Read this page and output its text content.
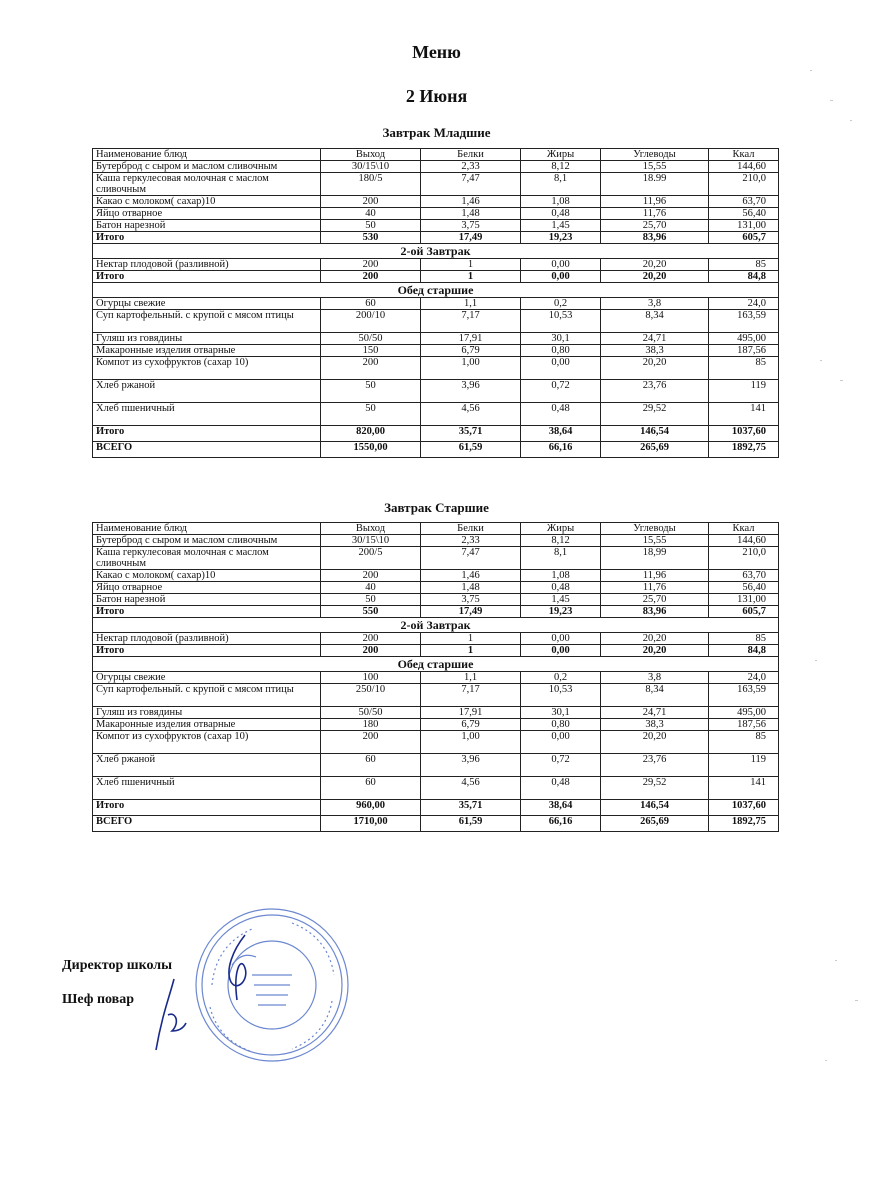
Меню
2 Июня
Завтрак Младшие
Наименование блюд	Выход	Белки	Жиры	Углеводы	Ккал
Бутерброд с сыром и маслом сливочным	30/15\10	2,33	8,12	15,55	144,60
Каша геркулесовая молочная с маслом сливочным	180/5	7,47	8,1	18.99	210,0
Какао с молоком( сахар)10	200	1,46	1,08	11,96	63,70
Яйцо отварное	40	1,48	0,48	11,76	56,40
Батон нарезной	50	3,75	1,45	25,70	131,00
Итого	530	17,49	19,23	83,96	605,7
2-ой Завтрак					
Нектар плодовой (разливной)	200	1	0,00	20,20	85
Итого	200	1	0,00	20,20	84,8
Обед старшие					
Огурцы свежие	60	1,1	0,2	3,8	24,0
Суп картофельный. с крупой с мясом птицы	200/10	7,17	10,53	8,34	163,59
Гуляш из говядины	50/50	17,91	30,1	24,71	495,00
Макаронные изделия отварные	150	6,79	0,80	38,3	187,56
Компот из сухофруктов (сахар 10)	200	1,00	0,00	20,20	85
Хлеб ржаной	50	3,96	0,72	23,76	119
Хлеб пшеничный	50	4,56	0,48	29,52	141
Итого	820,00	35,71	38,64	146,54	1037,60
ВСЕГО	1550,00	61,59	66,16	265,69	1892,75
Завтрак Старшие
Наименование блюд	Выход	Белки	Жиры	Углеводы	Ккал
Бутерброд с сыром и маслом сливочным	30/15\10	2,33	8,12	15,55	144,60
Каша геркулесовая молочная с маслом сливочным	200/5	7,47	8,1	18,99	210,0
Какао с молоком( сахар)10	200	1,46	1,08	11,96	63,70
Яйцо отварное	40	1,48	0,48	11,76	56,40
Батон нарезной	50	3,75	1,45	25,70	131,00
Итого	550	17,49	19,23	83,96	605,7
2-ой Завтрак					
Нектар плодовой (разливной)	200	1	0,00	20,20	85
Итого	200	1	0,00	20,20	84,8
Обед старшие					
Огурцы свежие	100	1,1	0,2	3,8	24,0
Суп картофельный. с крупой с мясом птицы	250/10	7,17	10,53	8,34	163,59
Гуляш из говядины	50/50	17,91	30,1	24,71	495,00
Макаронные изделия отварные	180	6,79	0,80	38,3	187,56
Компот из сухофруктов (сахар 10)	200	1,00	0,00	20,20	85
Хлеб ржаной	60	3,96	0,72	23,76	119
Хлеб пшеничный	60	4,56	0,48	29,52	141
Итого	960,00	35,71	38,64	146,54	1037,60
ВСЕГО	1710,00	61,59	66,16	265,69	1892,75
Директор школы
Шеф повар
